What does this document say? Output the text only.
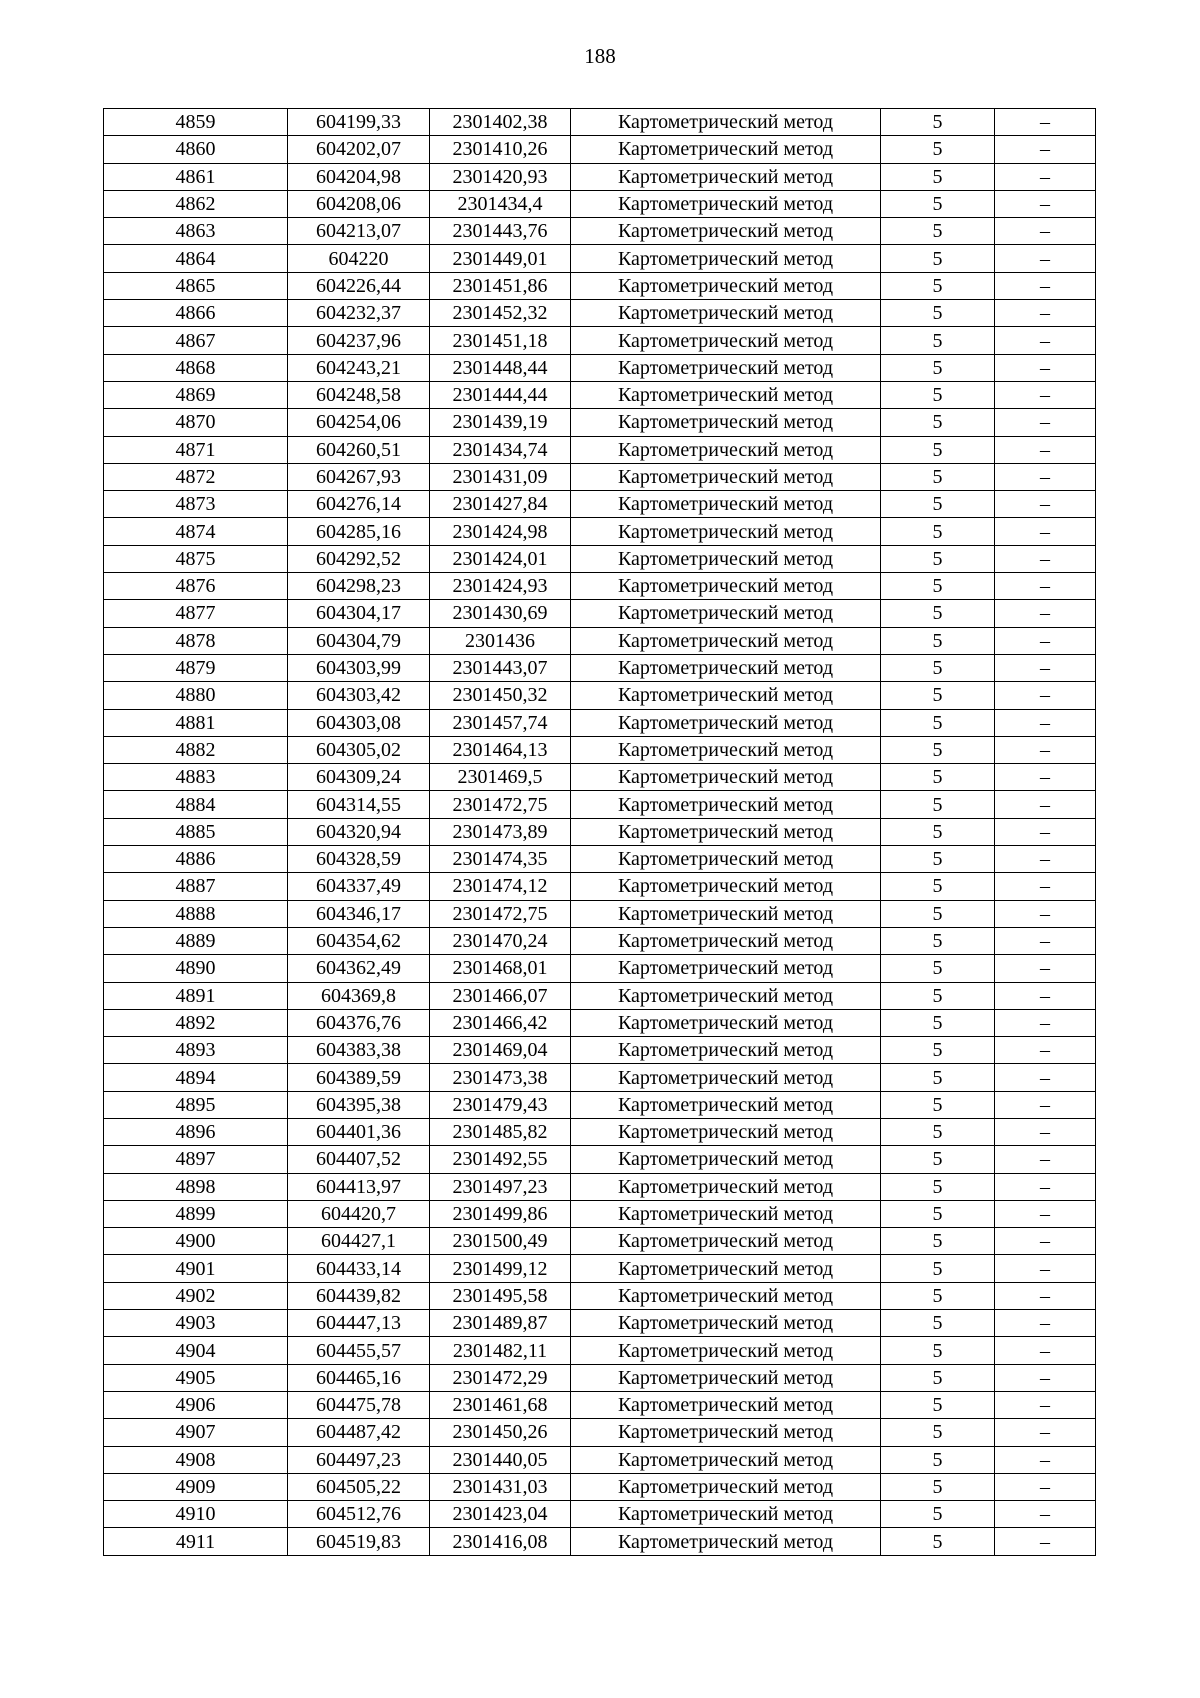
188
4859	604199,33	2301402,38	Картометрический метод	5	–
4860	604202,07	2301410,26	Картометрический метод	5	–
4861	604204,98	2301420,93	Картометрический метод	5	–
4862	604208,06	2301434,4	Картометрический метод	5	–
4863	604213,07	2301443,76	Картометрический метод	5	–
4864	604220	2301449,01	Картометрический метод	5	–
4865	604226,44	2301451,86	Картометрический метод	5	–
4866	604232,37	2301452,32	Картометрический метод	5	–
4867	604237,96	2301451,18	Картометрический метод	5	–
4868	604243,21	2301448,44	Картометрический метод	5	–
4869	604248,58	2301444,44	Картометрический метод	5	–
4870	604254,06	2301439,19	Картометрический метод	5	–
4871	604260,51	2301434,74	Картометрический метод	5	–
4872	604267,93	2301431,09	Картометрический метод	5	–
4873	604276,14	2301427,84	Картометрический метод	5	–
4874	604285,16	2301424,98	Картометрический метод	5	–
4875	604292,52	2301424,01	Картометрический метод	5	–
4876	604298,23	2301424,93	Картометрический метод	5	–
4877	604304,17	2301430,69	Картометрический метод	5	–
4878	604304,79	2301436	Картометрический метод	5	–
4879	604303,99	2301443,07	Картометрический метод	5	–
4880	604303,42	2301450,32	Картометрический метод	5	–
4881	604303,08	2301457,74	Картометрический метод	5	–
4882	604305,02	2301464,13	Картометрический метод	5	–
4883	604309,24	2301469,5	Картометрический метод	5	–
4884	604314,55	2301472,75	Картометрический метод	5	–
4885	604320,94	2301473,89	Картометрический метод	5	–
4886	604328,59	2301474,35	Картометрический метод	5	–
4887	604337,49	2301474,12	Картометрический метод	5	–
4888	604346,17	2301472,75	Картометрический метод	5	–
4889	604354,62	2301470,24	Картометрический метод	5	–
4890	604362,49	2301468,01	Картометрический метод	5	–
4891	604369,8	2301466,07	Картометрический метод	5	–
4892	604376,76	2301466,42	Картометрический метод	5	–
4893	604383,38	2301469,04	Картометрический метод	5	–
4894	604389,59	2301473,38	Картометрический метод	5	–
4895	604395,38	2301479,43	Картометрический метод	5	–
4896	604401,36	2301485,82	Картометрический метод	5	–
4897	604407,52	2301492,55	Картометрический метод	5	–
4898	604413,97	2301497,23	Картометрический метод	5	–
4899	604420,7	2301499,86	Картометрический метод	5	–
4900	604427,1	2301500,49	Картометрический метод	5	–
4901	604433,14	2301499,12	Картометрический метод	5	–
4902	604439,82	2301495,58	Картометрический метод	5	–
4903	604447,13	2301489,87	Картометрический метод	5	–
4904	604455,57	2301482,11	Картометрический метод	5	–
4905	604465,16	2301472,29	Картометрический метод	5	–
4906	604475,78	2301461,68	Картометрический метод	5	–
4907	604487,42	2301450,26	Картометрический метод	5	–
4908	604497,23	2301440,05	Картометрический метод	5	–
4909	604505,22	2301431,03	Картометрический метод	5	–
4910	604512,76	2301423,04	Картометрический метод	5	–
4911	604519,83	2301416,08	Картометрический метод	5	–
